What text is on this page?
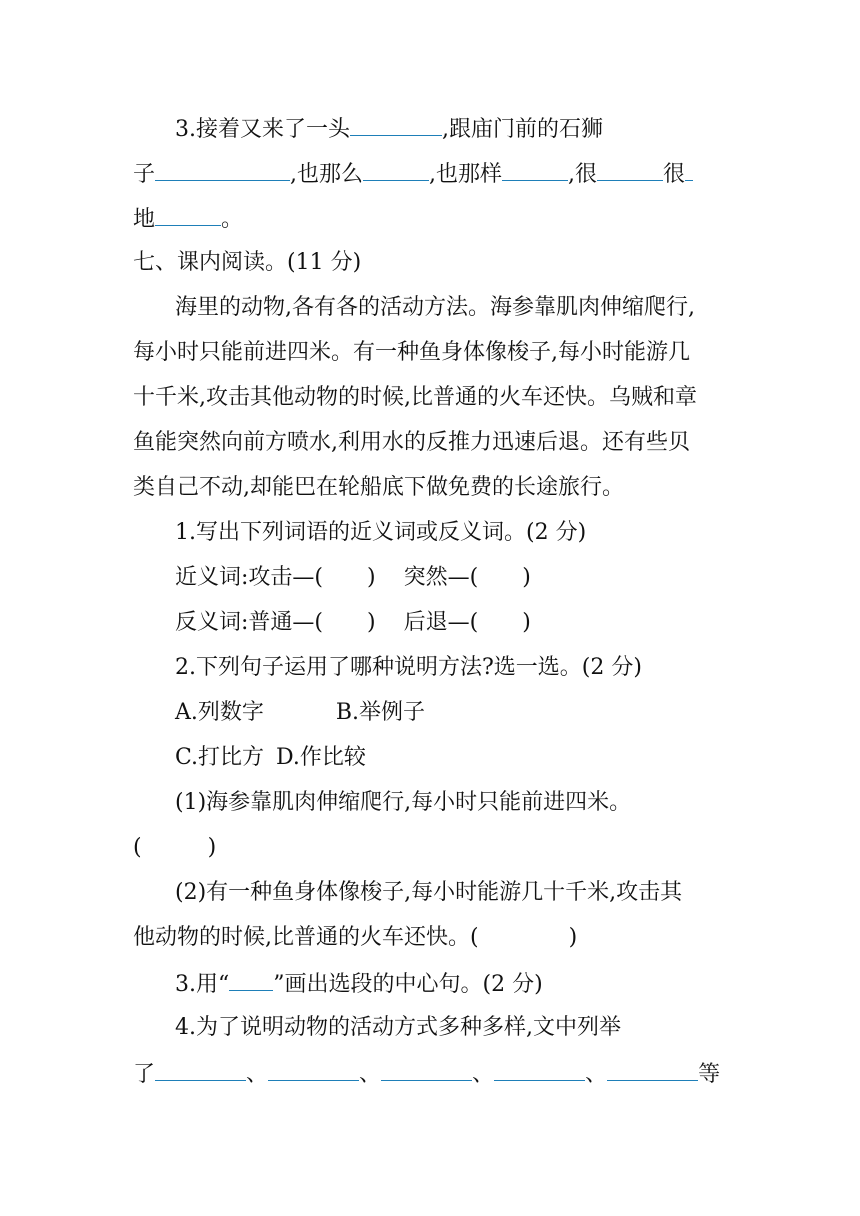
3.接着又来了一头	,跟庙门前的石狮
子	,也那么	,也那样	,很	很
地	。
七、课内阅读。(11 分)
海里的动物,各有各的活动方法。海参靠肌肉伸缩爬行,
每小时只能前进四米。有一种鱼身体像梭子,每小时能游几
十千米,攻击其他动物的时候,比普通的火车还快。乌贼和章
鱼能突然向前方喷水,利用水的反推力迅速后退。还有些贝
类自己不动,却能巴在轮船底下做免费的长途旅行。
1.写出下列词语的近义词或反义词。(2 分)
近义词:攻击—( ) 突然—( )
反义词:普通—( ) 后退—( )
2.下列句子运用了哪种说明方法?选一选。(2 分)
A.列数字	B.举例子
C.打比方 D.作比较
(1)海参靠肌肉伸缩爬行,每小时只能前进四米。
(	)
(2)有一种鱼身体像梭子,每小时能游几十千米,攻击其
他动物的时候,比普通的火车还快。(	)
3.用“ ”画出选段的中心句。(2 分)
4.为了说明动物的活动方式多种多样,文中列举
了	、	、	、	、	等
